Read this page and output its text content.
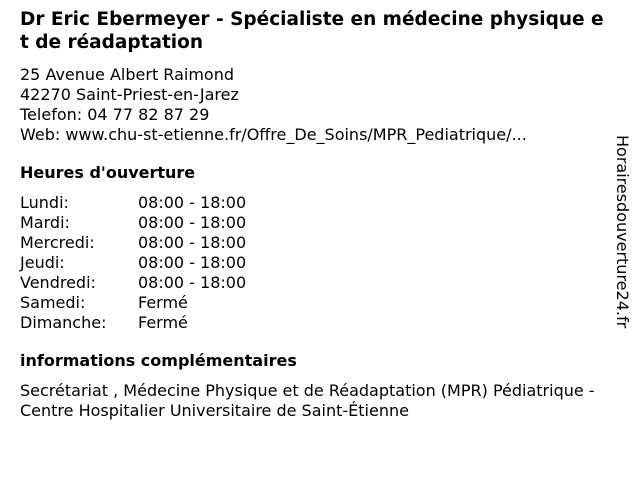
Dr Eric Ebermeyer - Spécialiste en médecine physique et de réadaptation
25 Avenue Albert Raimond
42270 Saint-Priest-en-Jarez
Telefon: 04 77 82 87 29
Web: www.chu-st-etienne.fr/Offre_De_Soins/MPR_Pediatrique/...
Heures d'ouverture
Lundi:	08:00 - 18:00
Mardi:	08:00 - 18:00
Mercredi:	08:00 - 18:00
Jeudi:	08:00 - 18:00
Vendredi:	08:00 - 18:00
Samedi:	Fermé
Dimanche:	Fermé
informations complémentaires
Secrétariat , Médecine Physique et de Réadaptation (MPR) Pédiatrique - Centre Hospitalier Universitaire de Saint-Étienne
Horairesdouverture24.fr
